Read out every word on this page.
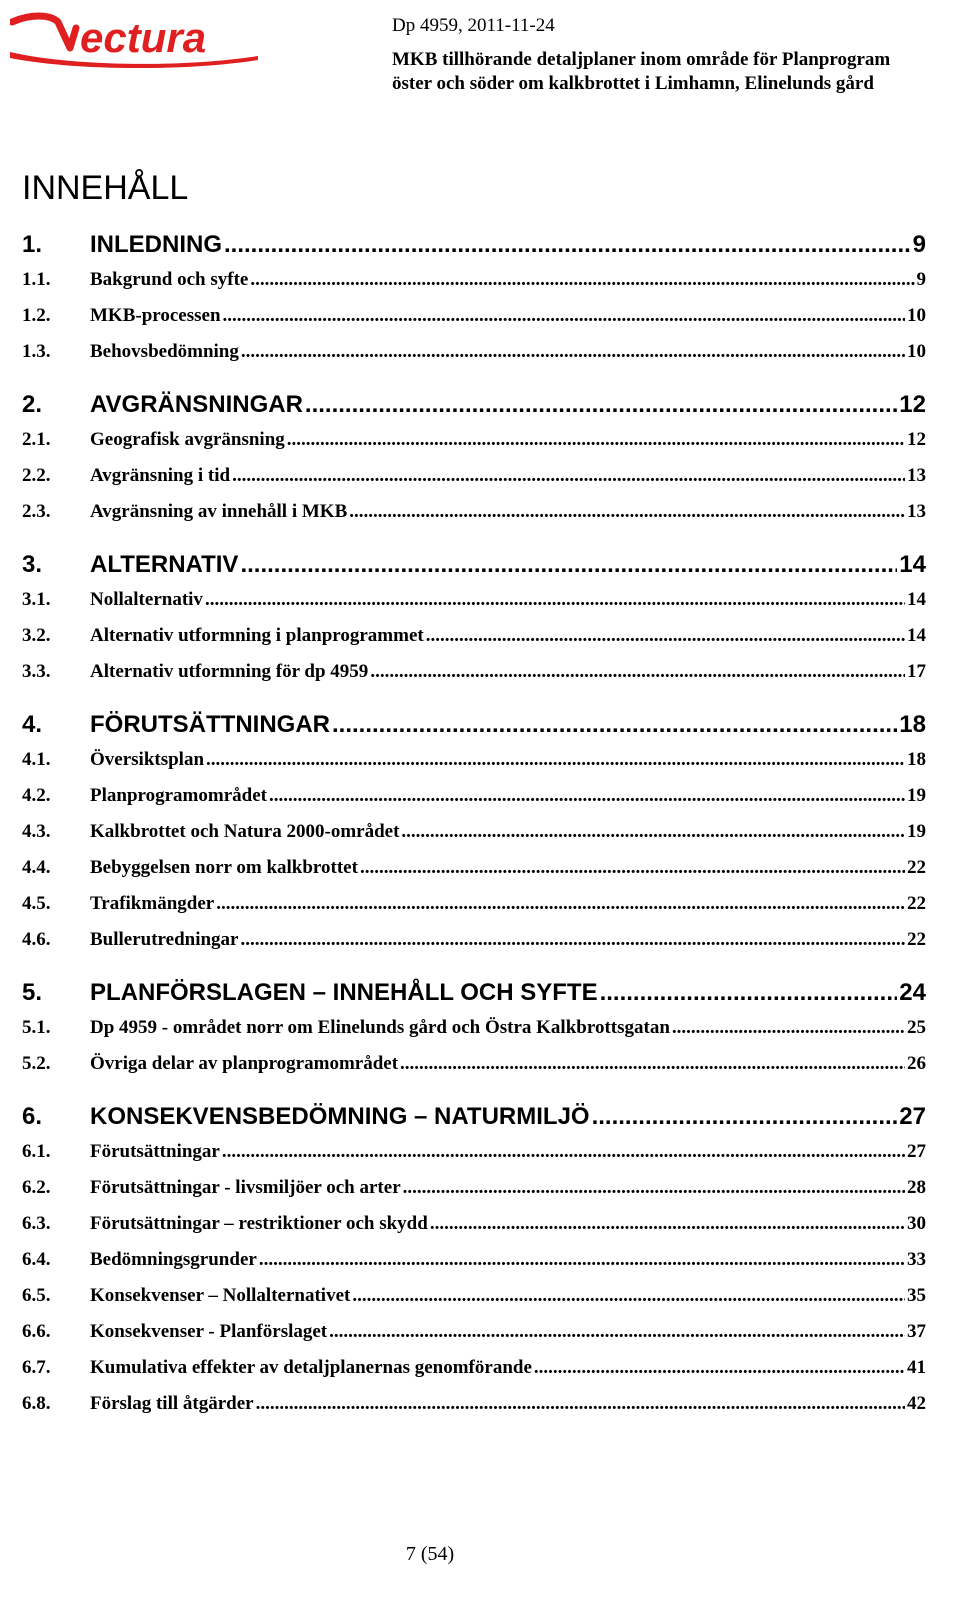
ectura	Dp 4959, 2011-11-24
MKB tillhörande detaljplaner inom område för Planprogram
öster och söder om kalkbrottet i Limhamn, Elinelunds gård
INNEHÅLL
1.	INLEDNING .....	9
1.1.	Bakgrund och syfte .....	9
1.2.	MKB-processen .....	10
1.3.	Behovsbedömning .....	10
2.	AVGRÄNSNINGAR .....	12
2.1.	Geografisk avgränsning .....	12
2.2.	Avgränsning i tid .....	13
2.3.	Avgränsning av innehåll i MKB .....	13
3.	ALTERNATIV .....	14
3.1.	Nollalternativ .....	14
3.2.	Alternativ utformning i planprogrammet .....	14
3.3.	Alternativ utformning för dp 4959 .....	17
4.	FÖRUTSÄTTNINGAR .....	18
4.1.	Översiktsplan .....	18
4.2.	Planprogramområdet .....	19
4.3.	Kalkbrottet och Natura 2000-området .....	19
4.4.	Bebyggelsen norr om kalkbrottet .....	22
4.5.	Trafikmängder .....	22
4.6.	Bullerutredningar .....	22
5.	PLANFÖRSLAGEN – INNEHÅLL OCH SYFTE .....	24
5.1.	Dp 4959 - området norr om Elinelunds gård och Östra Kalkbrottsgatan .....	25
5.2.	Övriga delar av planprogramområdet .....	26
6.	KONSEKVENSBEDÖMNING – NATURMILJÖ .....	27
6.1.	Förutsättningar .....	27
6.2.	Förutsättningar - livsmiljöer och arter .....	28
6.3.	Förutsättningar – restriktioner och skydd .....	30
6.4.	Bedömningsgrunder .....	33
6.5.	Konsekvenser – Nollalternativet .....	35
6.6.	Konsekvenser - Planförslaget .....	37
6.7.	Kumulativa effekter av detaljplanernas genomförande .....	41
6.8.	Förslag till åtgärder .....	42
7 (54)
